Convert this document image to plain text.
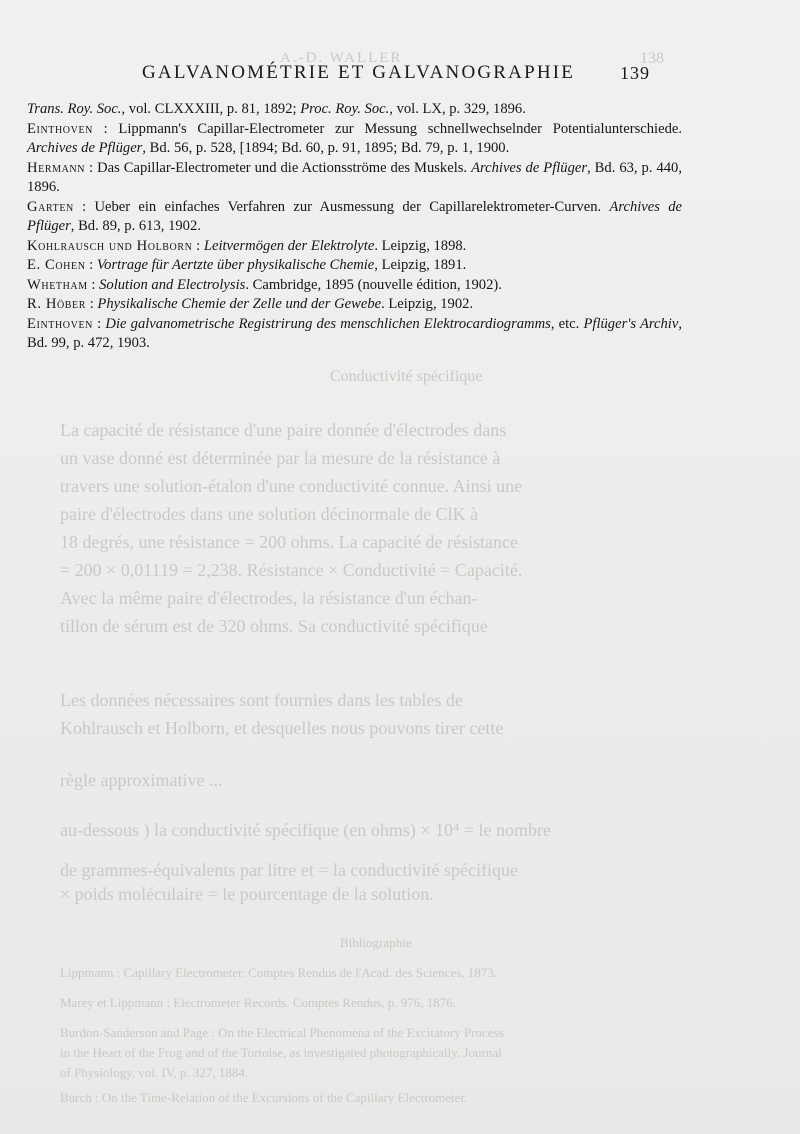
A.-D. WALLER	138
Conductivité spécifique
La capacité de résistance d'une paire donnée d'électrodes dans
un vase donné est déterminée par la mesure de la résistance à
travers une solution-étalon d'une conductivité connue. Ainsi une
paire d'électrodes dans une solution décinormale de ClK à
18 degrés, une résistance = 200 ohms. La capacité de résistance
= 200 × 0,01119 = 2,238. Résistance × Conductivité = Capacité.
Avec la même paire d'électrodes, la résistance d'un échan-
tillon de sérum est de 320 ohms. Sa conductivité spécifique
Les données nécessaires sont fournies dans les tables de
Kohlrausch et Holborn, et desquelles nous pouvons tirer cette
règle approximative ...
au-dessous ) la conductivité spécifique (en ohms) × 10⁴ = le nombre
de grammes-équivalents par litre et = la conductivité spécifique
× poids moléculaire = le pourcentage de la solution.
Bibliographie
Lippmann : Capillary Electrometer. Comptes Rendus de l'Acad. des Sciences, 1873.
Marey et Lippmann : Electrometer Records. Comptes Rendus, p. 976, 1876.
Burdon-Sanderson and Page : On the Electrical Phenomena of the Excitatory Process
in the Heart of the Frog and of the Tortoise, as investigated photographically. Journal
of Physiology, vol. IV, p. 327, 1884.
Burch : On the Time-Relation of the Excursions of the Capillary Electrometer.
GALVANOMÉTRIE ET GALVANOGRAPHIE 139

Trans. Roy. Soc., vol. CLXXXIII, p. 81, 1892; Proc. Roy. Soc., vol. LX, p. 329, 1896.

Einthoven : Lippmann's Capillar-Electrometer zur Messung schnellwechselnder Potentialunterschiede. Archives de Pflüger, Bd. 56, p. 528, [1894; Bd. 60, p. 91, 1895; Bd. 79, p. 1, 1900.

Hermann : Das Capillar-Electrometer und die Actionsströme des Muskels. Archives de Pflüger, Bd. 63, p. 440, 1896.

Garten : Ueber ein einfaches Verfahren zur Ausmessung der Capillarelektrometer-Curven. Archives de Pflüger, Bd. 89, p. 613, 1902.

Kohlrausch und Holborn : Leitvermögen der Elektrolyte. Leipzig, 1898.

E. Cohen : Vortrage für Aertzte über physikalische Chemie, Leipzig, 1891.

Whetham : Solution and Electrolysis. Cambridge, 1895 (nouvelle édition, 1902).

R. Höber : Physikalische Chemie der Zelle und der Gewebe. Leipzig, 1902.

Einthoven : Die galvanometrische Registrirung des menschlichen Elektrocardiogramms, etc. Pflüger's Archiv, Bd. 99, p. 472, 1903.
